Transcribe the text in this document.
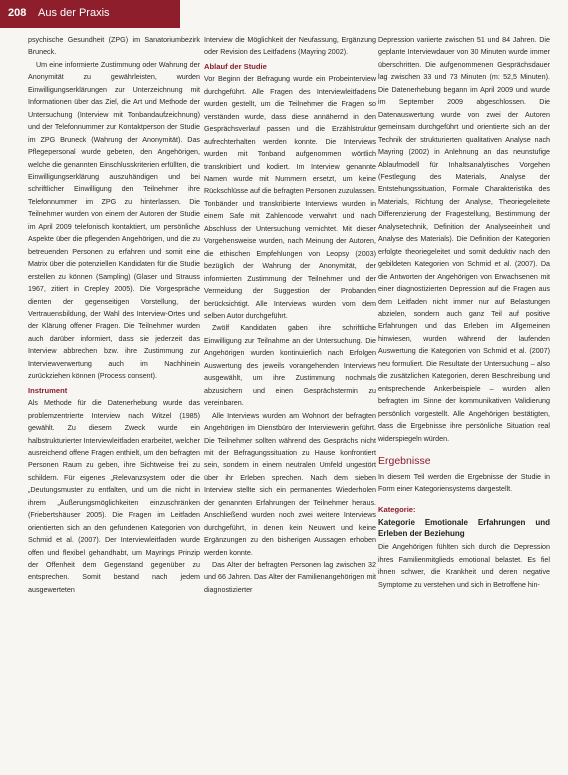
208 Aus der Praxis

psychische Gesundheit (ZPG) im Sanatoriumbezirk Bruneck.

Um eine informierte Zustimmung oder Wahrung der Anonymität zu gewährleisten, wurden Einwilligungserklärungen zur Unterzeichnung mit Informationen über das Ziel, die Art und Methode der Untersuchung (Interview mit Tonbandaufzeichnung) und der Telefonnummer zur Kontaktperson der Studie im ZPG Bruneck (Wahrung der Anonymität). Das Pflegepersonal wurde gebeten, den Angehörigen, welche die genannten Einschlusskriterien erfüllten, die Einwilligungserklärung auszuhändigen und bei schriftlicher Einwilligung den Teilnehmer ihre Telefonnummer im ZPG zu hinterlassen. Die Teilnehmer wurden von einem der Autoren der Studie im April 2009 telefonisch kontaktiert, um persönliche Aspekte über die pflegenden Angehörigen, und die zu betreuenden Personen zu erfahren und somit eine Matrix über die potenziellen Kandidaten für die Studie erstellen zu können (Sampling) (Glaser und Strauss 1967, zitiert in Crepley 2005). Die Vorgespräche dienten der gegenseitigen Vorstellung, der Vertrauensbildung, der Wahl des Interview-Ortes und der Klärung offener Fragen. Die Teilnehmer wurden auch darüber informiert, dass sie jederzeit das Interview abbrechen bzw. ihre Zustimmung zur Interviewverwertung auch im Nachhinein zurückziehen können (Process consent).

Instrument

Als Methode für die Datenerhebung wurde das problemzentrierte Interview nach Witzel (1985) gewählt. Zu diesem Zweck wurde ein halbstrukturierter Interviewleitfaden erarbeitet, welcher ausreichend offene Fragen enthielt, um den befragten Personen Raum zu geben, ihre Sichtweise frei zu schildern. Für eigenes „Relevanzsystem oder die „Deutungsmuster zu entfalten, und um die nicht in ihrem „Äußerungsmöglichkeiten einzuschränken (Friebertshäuser 2005). Die Fragen im Leitfaden orientierten sich an den gefundenen Kategorien von Schmid et al. (2007). Der Interviewleitfaden wurde offen und flexibel gehandhabt, um Mayrings Prinzip der Offenheit dem Gegenstand gegenüber zu entsprechen. Somit bestand nach jedem ausgewerteten

Interview die Möglichkeit der Neufassung, Ergänzung oder Revision des Leitfadens (Mayring 2002).

Ablauf der Studie

Vor Beginn der Befragung wurde ein Probeinterview durchgeführt. Alle Fragen des Interviewleitfadens wurden gestellt, um die Teilnehmer die Fragen so verständen wurde, dass diese annähernd in den Gesprächsverlauf passen und die Erzählstruktur aufrechterhalten werden konnte. Die Interviews wurden mit Tonband aufgenommen wörtlich transkribiert und kodiert. Im Interview genannte Namen wurde mit Nummern ersetzt, um keine Rückschlüsse auf die befragten Personen zuzulassen. Tonbänder und transkribierte Interviews wurden in einem Safe mit Zahlencode verwahrt und nach Abschluss der Untersuchung vernichtet. Mit dieser Vorgehensweise wurden, nach Meinung der Autoren, die ethischen Empfehlungen von Leopsy (2003) bezüglich der Wahrung der Anonymität, der informierten Zustimmung der Teilnehmer und der Vermeidung der Suggestion der Probanden berücksichtigt. Alle Interviews wurden vom dem selben Autor durchgeführt.

Zwölf Kandidaten gaben ihre schriftliche Einwilligung zur Teilnahme an der Untersuchung. Die Angehörigen wurden kontinuierlich nach Erfolgen Auswertung des jeweils vorangehenden Interviews ausgewählt, um ihre Zustimmung nochmals abzusichern und einen Gesprächstermin zu vereinbaren.

Alle Interviews wurden am Wohnort der befragten Angehörigen im Dienstbüro der Interviewerin geführt. Die Teilnehmer sollten während des Gesprächs nicht mit der Befragungssituation zu Hause konfrontiert sein, sondern in einem neutralen Umfeld ungestört über ihr Erleben sprechen. Nach dem sieben Interview stellte sich ein permanentes Wiederholen der genannten Erfahrungen der Teilnehmer heraus. Anschließend wurden noch zwei weitere Interviews durchgeführt, in denen kein Neuwert und keine Ergänzungen zu den bisherigen Aussagen erhoben werden konnte.

Das Alter der befragten Personen lag zwischen 32 und 66 Jahren. Das Alter der Familienangehörigen mit diagnostizierter

Depression variierte zwischen 51 und 84 Jahren. Die geplante Interviewdauer von 30 Minuten wurde immer überschritten. Die aufgenommenen Gesprächsdauer lag zwischen 33 und 73 Minuten (m: 52,5 Minuten). Die Datenerhebung begann im April 2009 und wurde im September 2009 abgeschlossen. Die Datenauswertung wurde von zwei der Autoren gemeinsam durchgeführt und orientierte sich an der Technik der strukturierten qualitativen Analyse nach Mayring (2002) in Anlehnung an das neunstufige Ablaufmodell für Inhaltsanalytisches Vorgehen (Festlegung des Materials, Analyse der Entstehungssituation, Formale Charakteristika des Materials, Richtung der Analyse, Theoriegeleitete Differenzierung der Fragestellung, Bestimmung der Analysetechnik, Definition der Analyseeinheit und Analyse des Materials). Die Definition der Kategorien erfolgte theoriegeleitet und somit deduktiv nach den gebildeten Kategorien von Schmid et al. (2007). Da die Antworten der Angehörigen von Erwachsenen mit einer diagnostizierten Depression auf die Fragen aus dem Leitfaden nicht immer nur auf Belastungen abzielen, sondern auch ganz Teil auf positive Erfahrungen und das Erleben im Allgemeinen hinwiesen, wurden während der laufenden Auswertung die Kategorien von Schmid et al. (2007) neu formuliert. Die Resultate der Untersuchung – also die zusätzlichen Kategorien, deren Beschreibung und entsprechende Ankerbeispiele – wurden allen befragten im Sinne der kommunikativen Validierung persönlich vorgestellt. Alle Angehörigen bestätigten, dass die Ergebnisse ihre persönliche Situation real widerspiegeln würden.

Ergebnisse

In diesem Teil werden die Ergebnisse der Studie in Form einer Kategoriensystems dargestellt.

Kategorie:
Kategorie Emotionale Erfahrungen und Erleben der Beziehung

Die Angehörigen fühlten sich durch die Depression ihres Familienmitglieds emotional belastet. Es fiel ihnen schwer, die Krankheit und deren negative Symptome zu verstehen und sich in Betroffene hin-
